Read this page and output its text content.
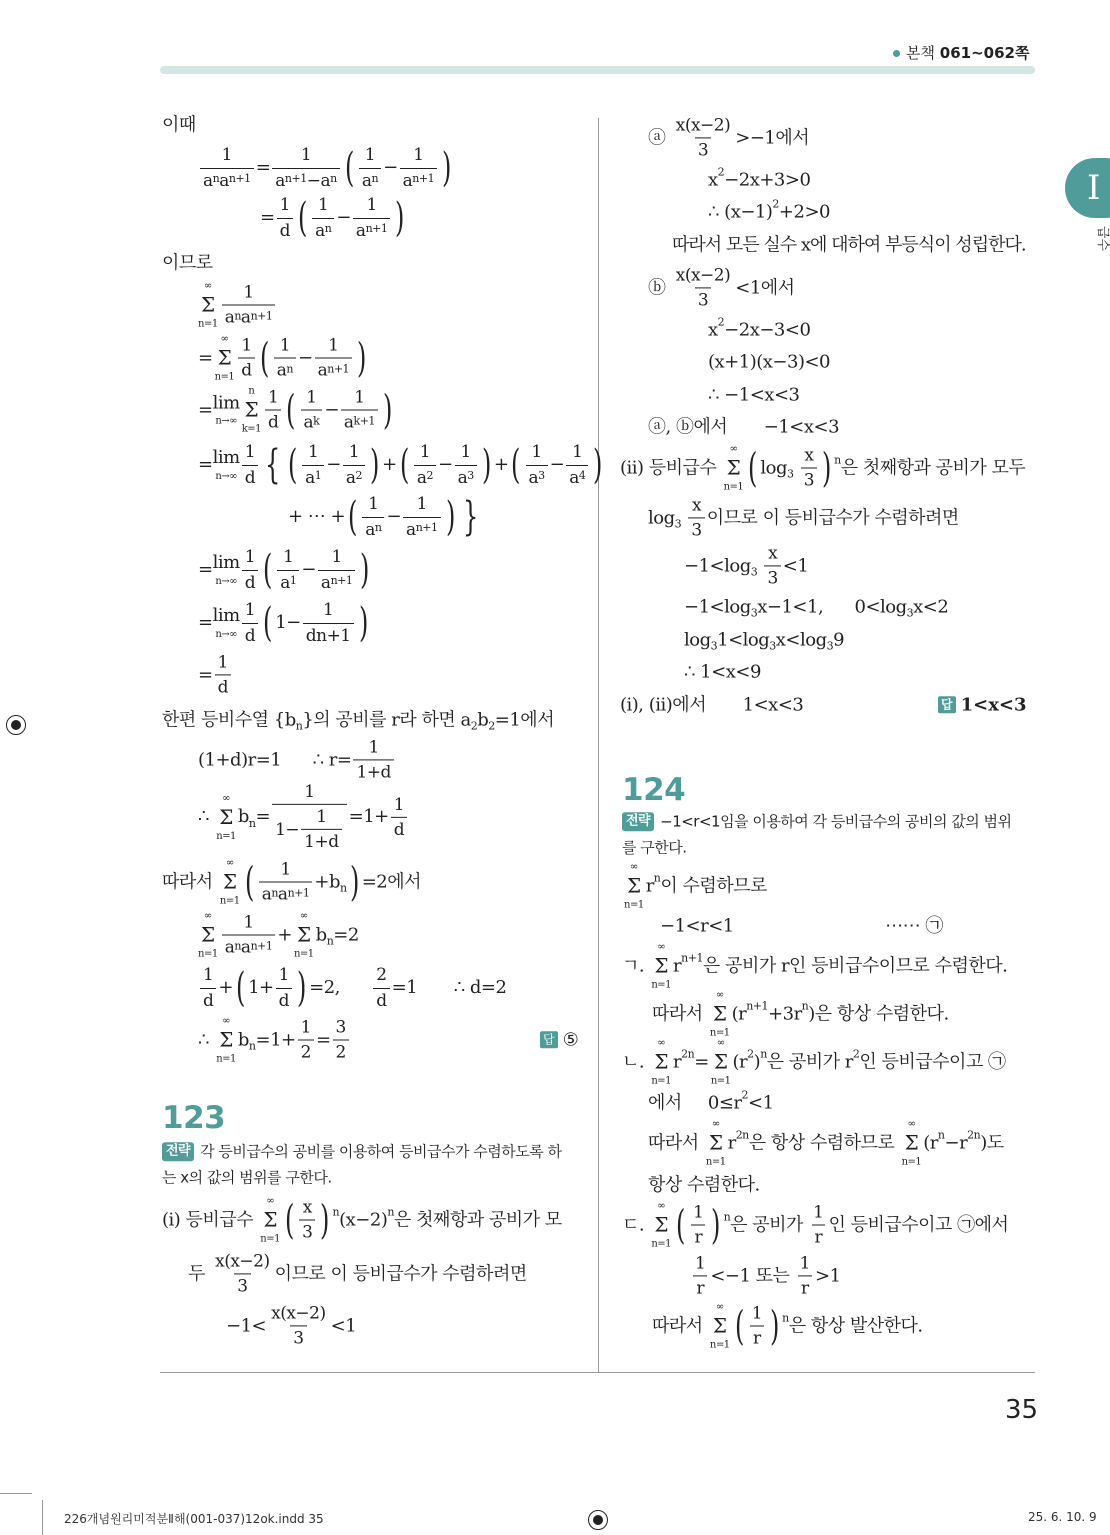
본책 061~062쪽
I
급수
35
226개념원리미적분Ⅱ해(001-037)12ok.indd 35	25. 6. 10. 9
이때
1
a n a n+1
= $\frac{1}{\text{a n+1 −a n}}$ ( $\frac{1}{\text{a n}} - \frac{1}{\text{a n+1}}$ )
= $\frac{1}{d}$ ( $\frac{1}{\text{a n}} - \frac{1}{\text{a n+1}}$ )
이므로
∞
Σ
n=1
1
a n a n+1
=
∞
Σ
$n=1 \frac{1}{d}$ ( $\frac{1}{\text{a n}} - \frac{1}{\text{a n+1}}$ )
= lim
n→∞
n
Σ
$k=1 \frac{1}{d}$ ( $\frac{1}{\text{a k}} - \frac{1}{\text{a k+1}}$ )
= lim
$n\to\infty \frac{1}{d}$ { ( $\frac{1}{a 1} - \frac{1}{a 2}$ ) + ( $\frac{1}{a 2} - \frac{1}{a 3}$ ) + ( $\frac{1}{a 3} - \frac{1}{a 4}$ )
+ ⋯ + ( $\frac{1}{\text{a n}} - \frac{1}{\text{a n+1}}$ ) }
= lim
$n\to\infty \frac{1}{d}$ ( $\frac{1}{a 1} - \frac{1}{\text{a n+1}}$ )
= lim
$n\to\infty \frac{1}{d}$ ( $1- \frac{1}{dn+1}$ )
= $\frac{1}{d}$
한편 등비수열 {b n }의 공비를 r라 하면 a 2 b 2 =1에서
(1+d)r=1      ∴ $r= \frac{1}{1+d}$
∴
∞
Σ
n=1
b $n = \frac{1}{1- \frac{1}{1+d}} =1+ \frac{1}{d}$
따라서
∞
Σ
n=1 ( 1
a n a n+1
+b n ) =2에서
∞
Σ
n=1
1
a n a n+1
+
∞
Σ
n=1
b n =2
$\frac{1}{d}$ + ( $1+ \frac{1}{d}$ ) =2, $\frac{2}{d} =1$       ∴ d=2
∴
∞
Σ
n=1
b $n =1+ \frac{1}{2} = \frac{3}{2}$	답 ⑤
123
전략 각 등비급수의 공비를 이용하여 등비급수가 수렴하도록 하
는 x의 값의 범위를 구한다.
(i) 등비급수
∞
Σ
n=1 ( $\frac{x}{3}$ ) n (x−2) n 은 첫째항과 공비가 모
두 $\frac{x(x-2)}{3}$ 이므로 이 등비급수가 수렴하려면
$-1< \frac{x(x-2)}{3} <1$
ⓐ $\frac{x(x-2)}{3} >-1$에서
x 2 −2x+3>0
∴ (x−1) 2 +2>0
따라서 모든 실수 x에 대하여 부등식이 성립한다.
ⓑ $\frac{x(x-2)}{3} <1$에서
x 2 −2x−3<0
(x+1)(x−3)<0
∴ −1<x<3
ⓐ, ⓑ에서       −1<x<3
(ii) 등비급수
∞
Σ
n=1 ( log 3
$\frac{x}{3}$ ) n 은 첫째항과 공비가 모두
log 3
$\frac{x}{3}$ 이므로 이 등비급수가 수렴하려면
−1<log 3
$\frac{x}{3} <1$
−1<log 3 x−1<1,      0<log 3 x<2
log 3 1<log 3 x<log 3 9
∴ 1<x<9
(i), (ii)에서       1<x<3	답 1<x<3
124
전략 −1<r<1임을 이용하여 각 등비급수의 공비의 값의 범위
를 구한다.
∞
Σ
n=1
r n 이 수렴하므로
−1<r<1                             ⋯⋯ ㉠
ㄱ.
∞
Σ
n=1
r n+1 은 공비가 r인 등비급수이므로 수렴한다.
따라서
∞
Σ
n=1
(r n+1 +3r n )은 항상 수렴한다.
ㄴ.
∞
Σ
n=1
r 2n =
∞
Σ
n=1
(r 2 ) n 은 공비가 r 2 인 등비급수이고 ㉠
에서     0≤r 2 <1
따라서
∞
Σ
n=1
r 2n 은 항상 수렴하므로
∞
Σ
n=1
(r n −r 2n )도
항상 수렴한다.
ㄷ.
∞
Σ
n=1 ( $\frac{1}{r}$ ) n 은 공비가 $\frac{1}{r}$ 인 등비급수이고 ㉠에서
$\frac{1}{r} <-1$ 또는 $\frac{1}{r} >1$
따라서
∞
Σ
n=1 ( $\frac{1}{r}$ ) n 은 항상 발산한다.
